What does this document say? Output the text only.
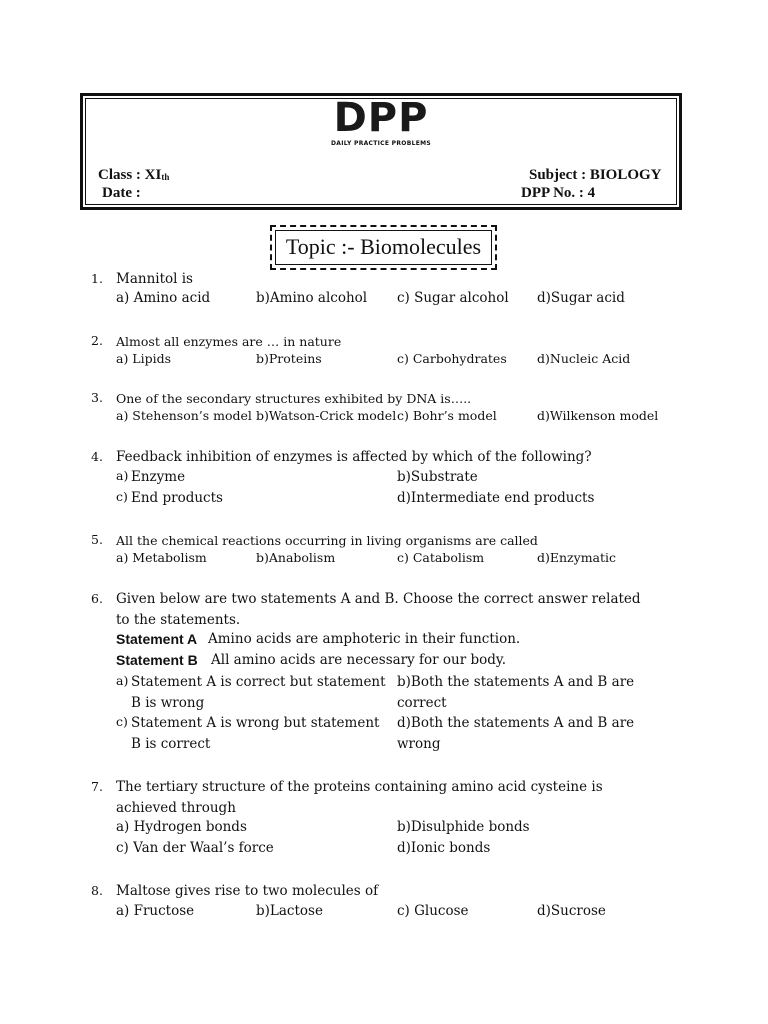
DPP
DAILY PRACTICE PROBLEMS
Class : $XI_{th}$
Date :
Subject : BIOLOGY
DPP No. : 4
Topic :- Biomolecules
1. Mannitol is
a) Amino acid	b)Amino alcohol c) Sugar alcohol d)Sugar acid
2. Almost all enzymes are … in nature
a) Lipids	b)Proteins	c) Carbohydrates d)Nucleic Acid
3. One of the secondary structures exhibited by DNA is…..
a) Stehenson’s model b)Watson-Crick model c) Bohr’s model	d)Wilkenson model
4. Feedback inhibition of enzymes is affected by which of the following?
a) Enzyme	b)Substrate
c) End products	d)Intermediate end products
5. All the chemical reactions occurring in living organisms are called
a) Metabolism	b)Anabolism	c) Catabolism	d)Enzymatic
6. Given below are two statements A and B. Choose the correct answer related to the statements.
Statement A Amino acids are amphoteric in their function.
Statement B All amino acids are necessary for our body.
a) Statement A is correct but statement B is wrong
b)Both the statements A and B are correct
c) Statement A is wrong but statement B is correct
d)Both the statements A and B are wrong
7. The tertiary structure of the proteins containing amino acid cysteine is achieved through
a) Hydrogen bonds	b)Disulphide bonds
c) Van der Waal’s force	d)Ionic bonds
8. Maltose gives rise to two molecules of
a) Fructose	b)Lactose	c) Glucose	d)Sucrose
